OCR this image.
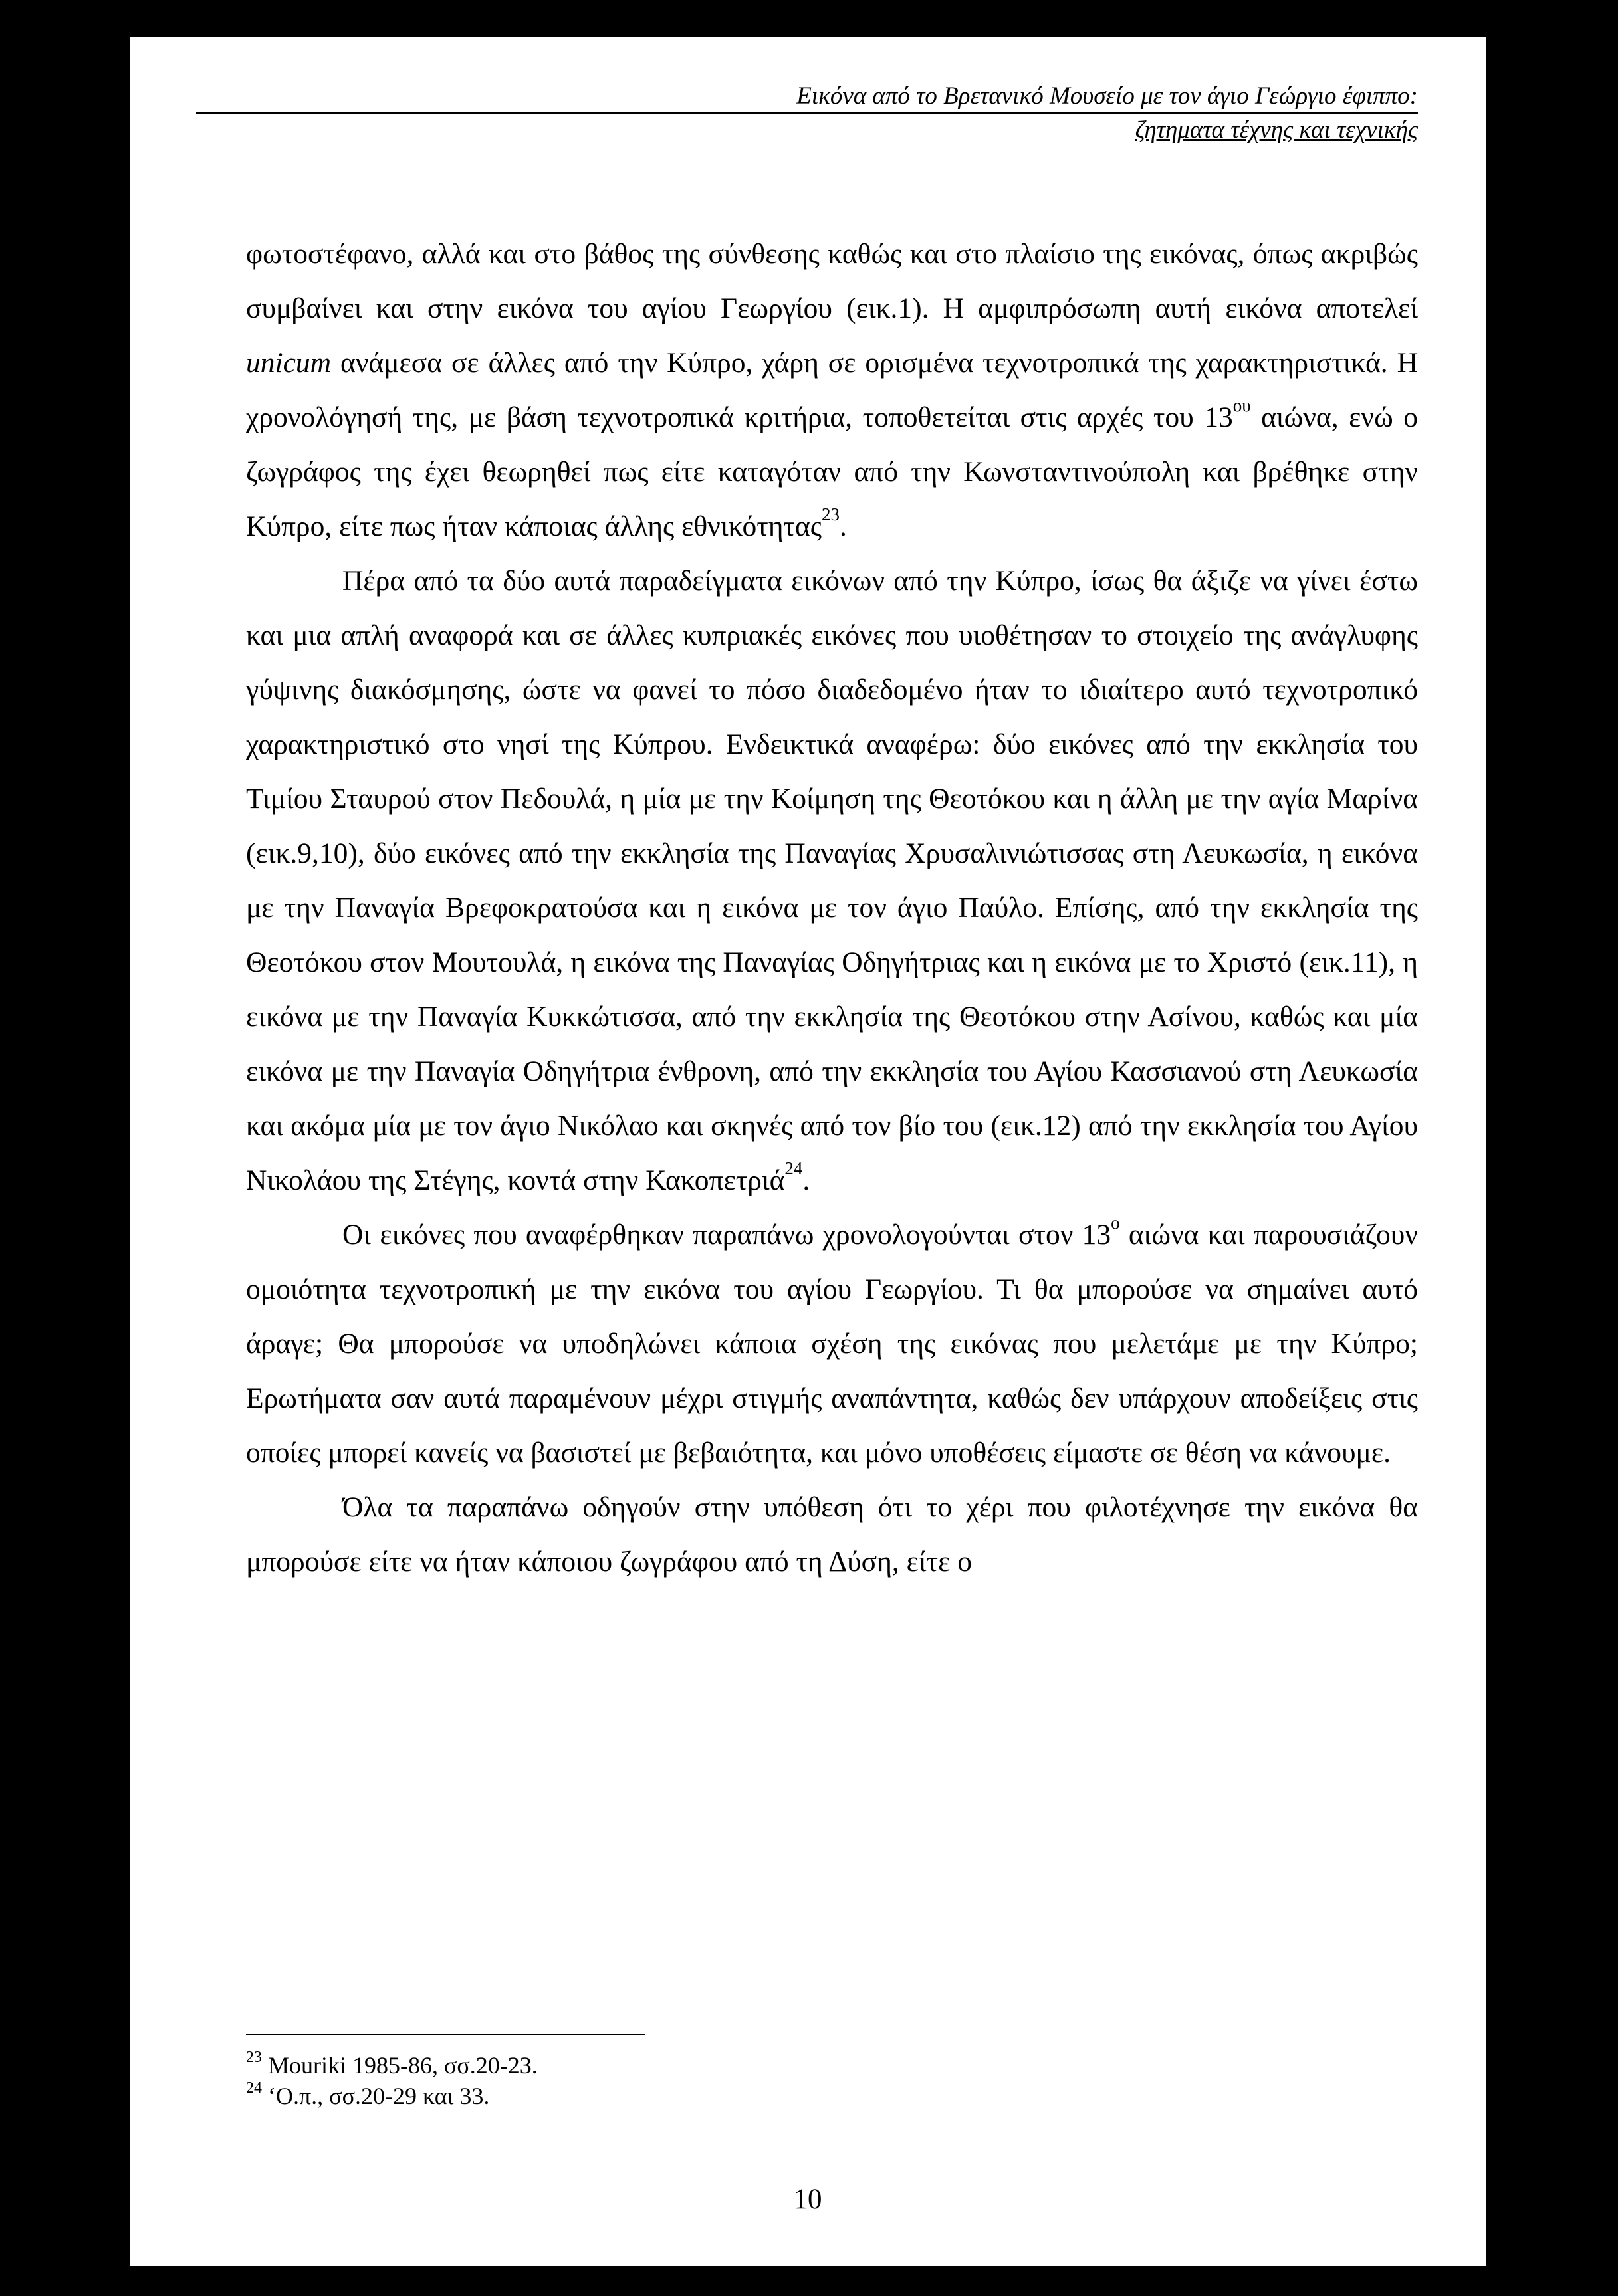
Εικόνα από το Βρετανικό Μουσείο με τον άγιο Γεώργιο έφιππο:
ζητηματα τέχνης και τεχνικής

φωτοστέφανο, αλλά και στο βάθος της σύνθεσης καθώς και στο πλαίσιο της εικόνας, όπως ακριβώς συμβαίνει και στην εικόνα του αγίου Γεωργίου (εικ.1). Η αμφιπρόσωπη αυτή εικόνα αποτελεί unicum ανάμεσα σε άλλες από την Κύπρο, χάρη σε ορισμένα τεχνοτροπικά της χαρακτηριστικά. Η χρονολόγησή της, με βάση τεχνοτροπικά κριτήρια, τοποθετείται στις αρχές του $13^{o\upsilon}$ αιώνα, ενώ ο ζωγράφος της έχει θεωρηθεί πως είτε καταγόταν από την Κωνσταντινούπολη και βρέθηκε στην Κύπρο, είτε πως ήταν κάποιας άλλης εθνικότητας$^{23}$.

Πέρα από τα δύο αυτά παραδείγματα εικόνων από την Κύπρο, ίσως θα άξιζε να γίνει έστω και μια απλή αναφορά και σε άλλες κυπριακές εικόνες που υιοθέτησαν το στοιχείο της ανάγλυφης γύψινης διακόσμησης, ώστε να φανεί το πόσο διαδεδομένο ήταν το ιδιαίτερο αυτό τεχνοτροπικό χαρακτηριστικό στο νησί της Κύπρου. Ενδεικτικά αναφέρω: δύο εικόνες από την εκκλησία του Τιμίου Σταυρού στον Πεδουλά, η μία με την Κοίμηση της Θεοτόκου και η άλλη με την αγία Μαρίνα (εικ.9,10), δύο εικόνες από την εκκλησία της Παναγίας Χρυσαλινιώτισσας στη Λευκωσία, η εικόνα με την Παναγία Βρεφοκρατούσα και η εικόνα με τον άγιο Παύλο. Επίσης, από την εκκλησία της Θεοτόκου στον Μουτουλά, η εικόνα της Παναγίας Οδηγήτριας και η εικόνα με το Χριστό (εικ.11), η εικόνα με την Παναγία Κυκκώτισσα, από την εκκλησία της Θεοτόκου στην Ασίνου, καθώς και μία εικόνα με την Παναγία Οδηγήτρια ένθρονη, από την εκκλησία του Αγίου Κασσιανού στη Λευκωσία και ακόμα μία με τον άγιο Νικόλαο και σκηνές από τον βίο του (εικ.12) από την εκκλησία του Αγίου Νικολάου της Στέγης, κοντά στην Κακοπετριά$^{24}$.

Οι εικόνες που αναφέρθηκαν παραπάνω χρονολογούνται στον $13^o$ αιώνα και παρουσιάζουν ομοιότητα τεχνοτροπική με την εικόνα του αγίου Γεωργίου. Τι θα μπορούσε να σημαίνει αυτό άραγε; Θα μπορούσε να υποδηλώνει κάποια σχέση της εικόνας που μελετάμε με την Κύπρο; Ερωτήματα σαν αυτά παραμένουν μέχρι στιγμής αναπάντητα, καθώς δεν υπάρχουν αποδείξεις στις οποίες μπορεί κανείς να βασιστεί με βεβαιότητα, και μόνο υποθέσεις είμαστε σε θέση να κάνουμε.

Όλα τα παραπάνω οδηγούν στην υπόθεση ότι το χέρι που φιλοτέχνησε την εικόνα θα μπορούσε είτε να ήταν κάποιου ζωγράφου από τη Δύση, είτε ο

$^{23}$ Mouriki 1985-86, σσ.20-23.
$^{24}$ ‘Ο.π., σσ.20-29 και 33.
10
